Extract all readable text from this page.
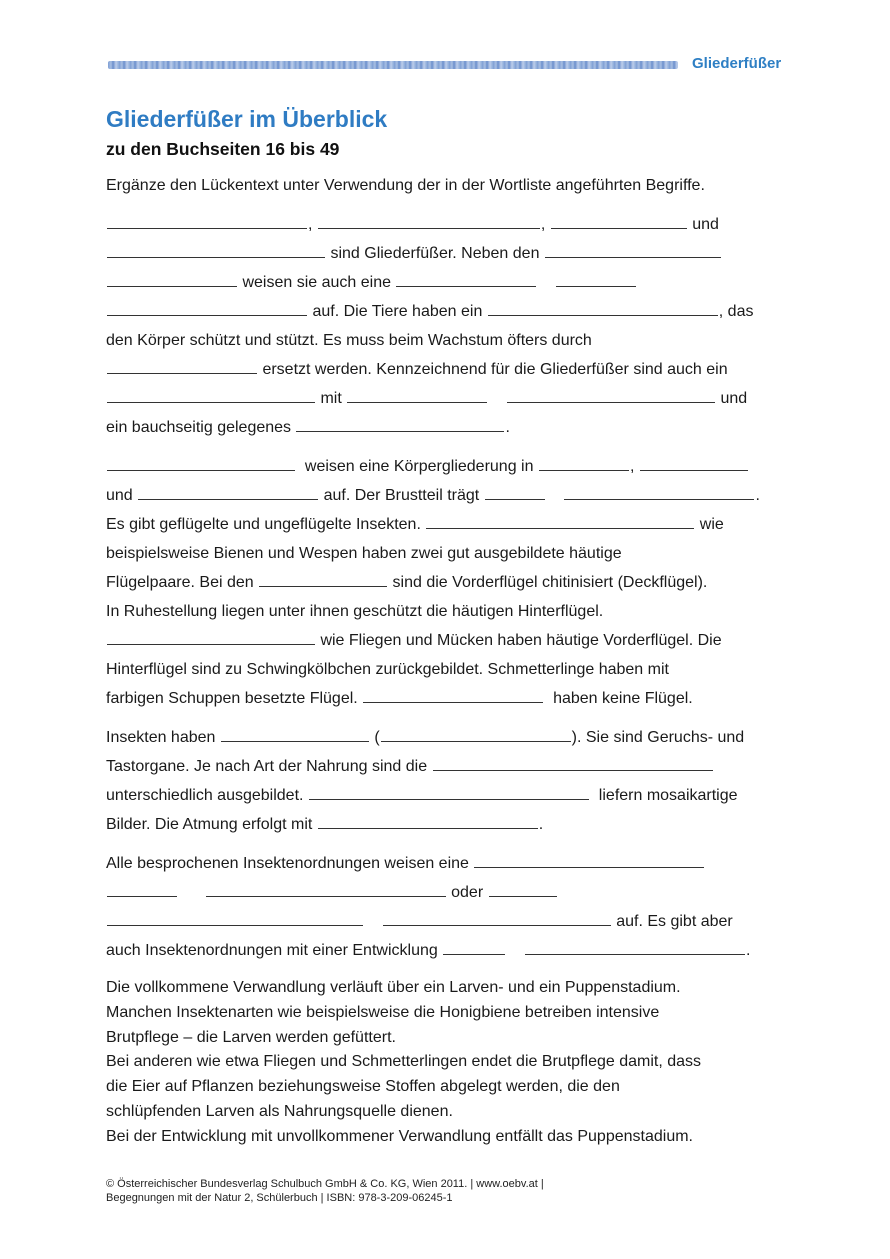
Gliederfüßer
Gliederfüßer im Überblick
zu den Buchseiten 16 bis 49
Ergänze den Lückentext unter Verwendung der in der Wortliste angeführten Begriffe.
,	,	und
sind Gliederfüßer. Neben den
weisen sie auch eine
auf. Die Tiere haben ein	, das
den Körper schützt und stützt. Es muss beim Wachstum öfters durch
ersetzt werden. Kennzeichnend für die Gliederfüßer sind auch ein
mit	und
ein bauchseitig gelegenes	.
weisen eine Körpergliederung in	,
und	auf. Der Brustteil trägt	.
Es gibt geflügelte und ungeflügelte Insekten.	wie
beispielsweise Bienen und Wespen haben zwei gut ausgebildete häutige
Flügelpaare. Bei den	sind die Vorderflügel chitinisiert (Deckflügel).
In Ruhestellung liegen unter ihnen geschützt die häutigen Hinterflügel.
wie Fliegen und Mücken haben häutige Vorderflügel. Die
Hinterflügel sind zu Schwingkölbchen zurückgebildet. Schmetterlinge haben mit
farbigen Schuppen besetzte Flügel.	haben keine Flügel.
Insekten haben	(	). Sie sind Geruchs- und
Tastorgane. Je nach Art der Nahrung sind die
unterschiedlich ausgebildet.	liefern mosaikartige
Bilder. Die Atmung erfolgt mit	.
Alle besprochenen Insektenordnungen weisen eine
oder
auf. Es gibt aber
auch Insektenordnungen mit einer Entwicklung	.
Die vollkommene Verwandlung verläuft über ein Larven- und ein Puppenstadium.
Manchen Insektenarten wie beispielsweise die Honigbiene betreiben intensive
Brutpflege – die Larven werden gefüttert.
Bei anderen wie etwa Fliegen und Schmetterlingen endet die Brutpflege damit, dass
die Eier auf Pflanzen beziehungsweise Stoffen abgelegt werden, die den
schlüpfenden Larven als Nahrungsquelle dienen.
Bei der Entwicklung mit unvollkommener Verwandlung entfällt das Puppenstadium.
© Österreichischer Bundesverlag Schulbuch GmbH & Co. KG, Wien 2011. | www.oebv.at |
Begegnungen mit der Natur 2, Schülerbuch | ISBN: 978-3-209-06245-1
